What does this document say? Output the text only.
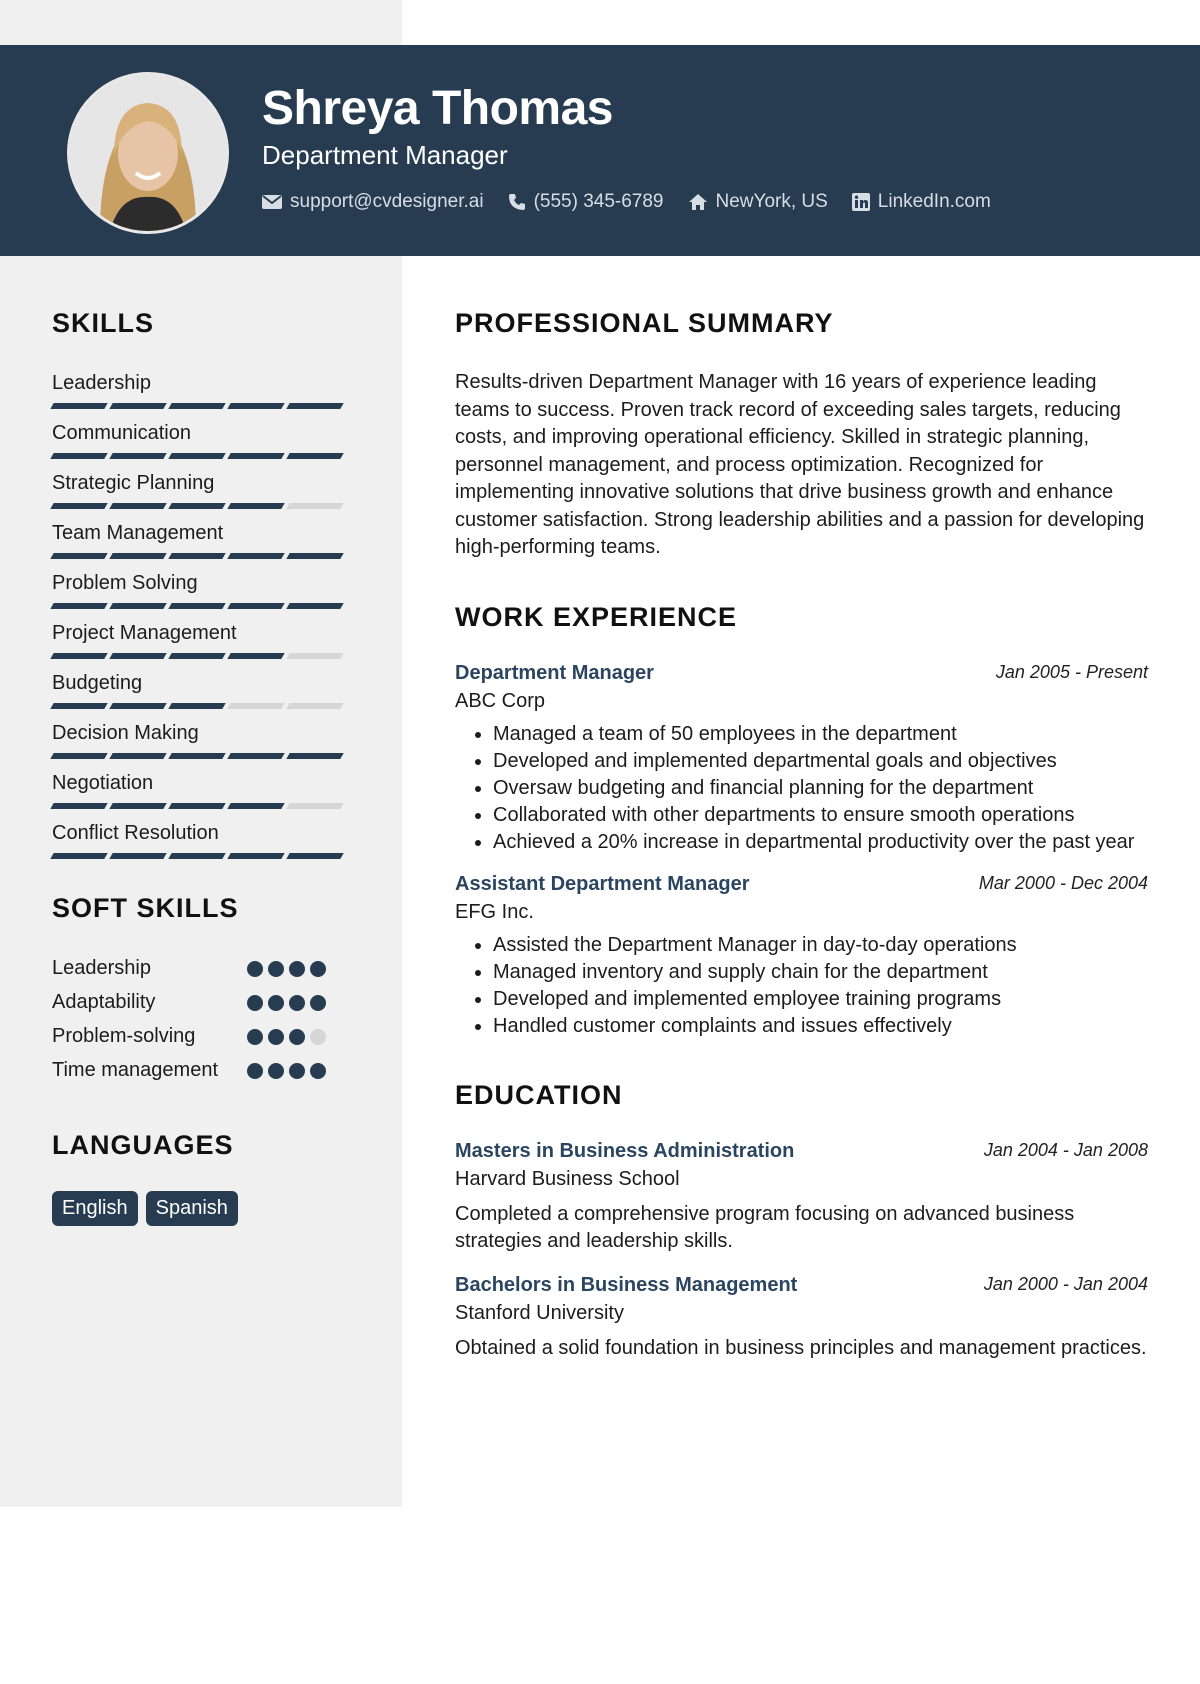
Shreya Thomas

Department Manager

support@cvdesigner.ai	(555) 345-6789	NewYork, US	LinkedIn.com
SKILLS
Leadership
Communication
Strategic Planning
Team Management
Problem Solving
Project Management
Budgeting
Decision Making
Negotiation
Conflict Resolution
SOFT SKILLS
Leadership
Adaptability
Problem-solving
Time management
LANGUAGES
English	Spanish
PROFESSIONAL SUMMARY

Results-driven Department Manager with 16 years of experience leading teams to success. Proven track record of exceeding sales targets, reducing costs, and improving operational efficiency. Skilled in strategic planning, personnel management, and process optimization. Recognized for implementing innovative solutions that drive business growth and enhance customer satisfaction. Strong leadership abilities and a passion for developing high-performing teams.

WORK EXPERIENCE

Department Manager	Jan 2005 - Present

ABC Corp

• Managed a team of 50 employees in the department
• Developed and implemented departmental goals and objectives
• Oversaw budgeting and financial planning for the department
• Collaborated with other departments to ensure smooth operations
• Achieved a 20% increase in departmental productivity over the past year

Assistant Department Manager	Mar 2000 - Dec 2004

EFG Inc.

• Assisted the Department Manager in day-to-day operations
• Managed inventory and supply chain for the department
• Developed and implemented employee training programs
• Handled customer complaints and issues effectively
EDUCATION

Masters in Business Administration	Jan 2004 - Jan 2008

Harvard Business School

Completed a comprehensive program focusing on advanced business strategies and leadership skills.

Bachelors in Business Management	Jan 2000 - Jan 2004

Stanford University

Obtained a solid foundation in business principles and management practices.
